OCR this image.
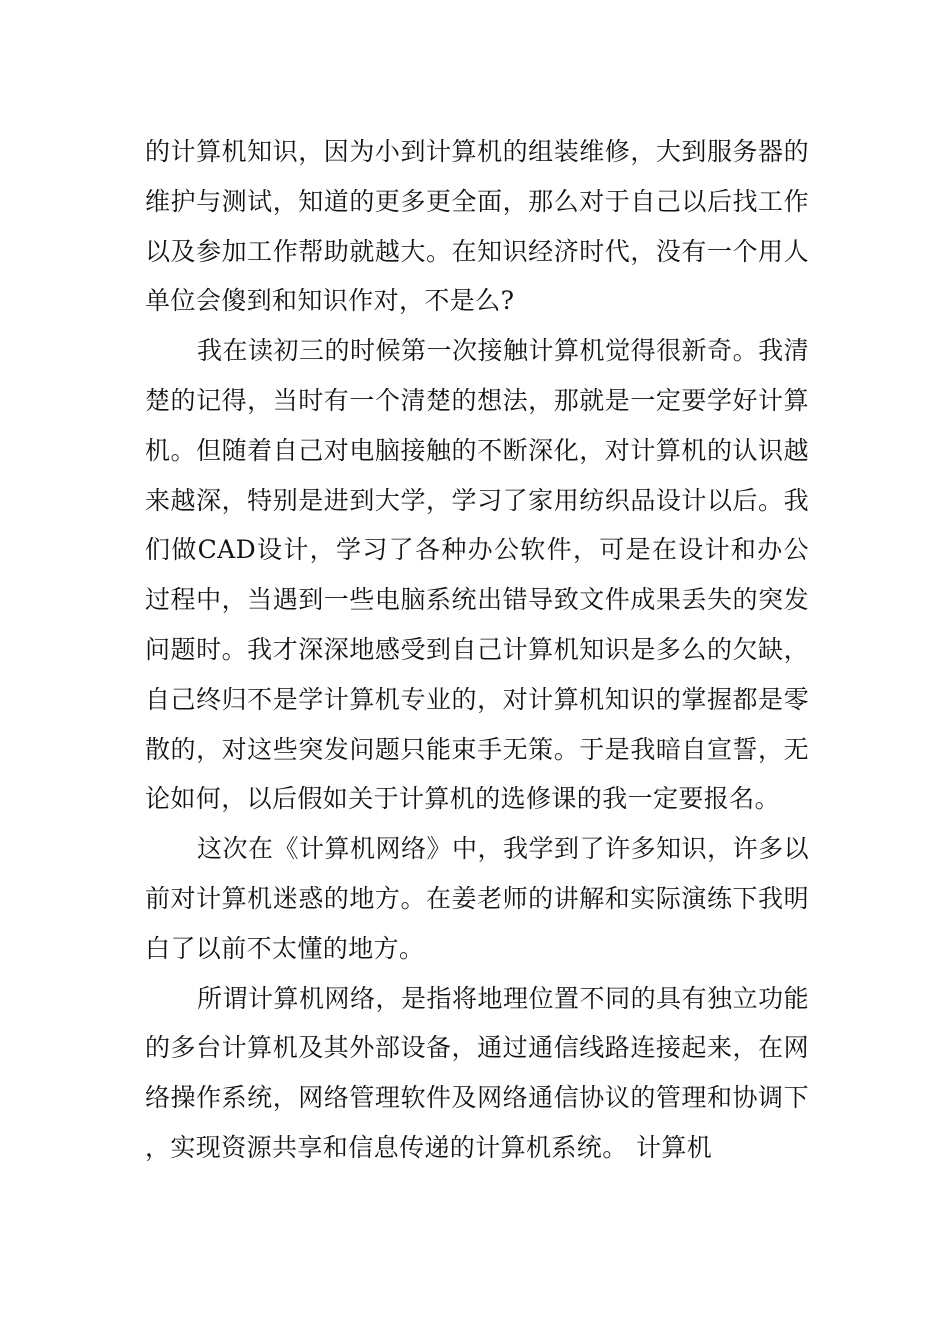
的计算机知识，因为小到计算机的组装维修，大到服务器的维护与测试，知道的更多更全面，那么对于自己以后找工作以及参加工作帮助就越大。在知识经济时代，没有一个用人单位会傻到和知识作对，不是么?

我在读初三的时候第一次接触计算机觉得很新奇。我清楚的记得，当时有一个清楚的想法，那就是一定要学好计算机。但随着自己对电脑接触的不断深化，对计算机的认识越来越深，特别是进到大学，学习了家用纺织品设计以后。我们做CAD设计，学习了各种办公软件，可是在设计和办公过程中，当遇到一些电脑系统出错导致文件成果丢失的突发问题时。我才深深地感受到自己计算机知识是多么的欠缺，自己终归不是学计算机专业的，对计算机知识的掌握都是零散的，对这些突发问题只能束手无策。于是我暗自宣誓，无论如何，以后假如关于计算机的选修课的我一定要报名。

这次在《计算机网络》中，我学到了许多知识，许多以前对计算机迷惑的地方。在姜老师的讲解和实际演练下我明白了以前不太懂的地方。

所谓计算机网络，是指将地理位置不同的具有独立功能的多台计算机及其外部设备，通过通信线路连接起来，在网络操作系统，网络管理软件及网络通信协议的管理和协调下，实现资源共享和信息传递的计算机系统。 计算机
